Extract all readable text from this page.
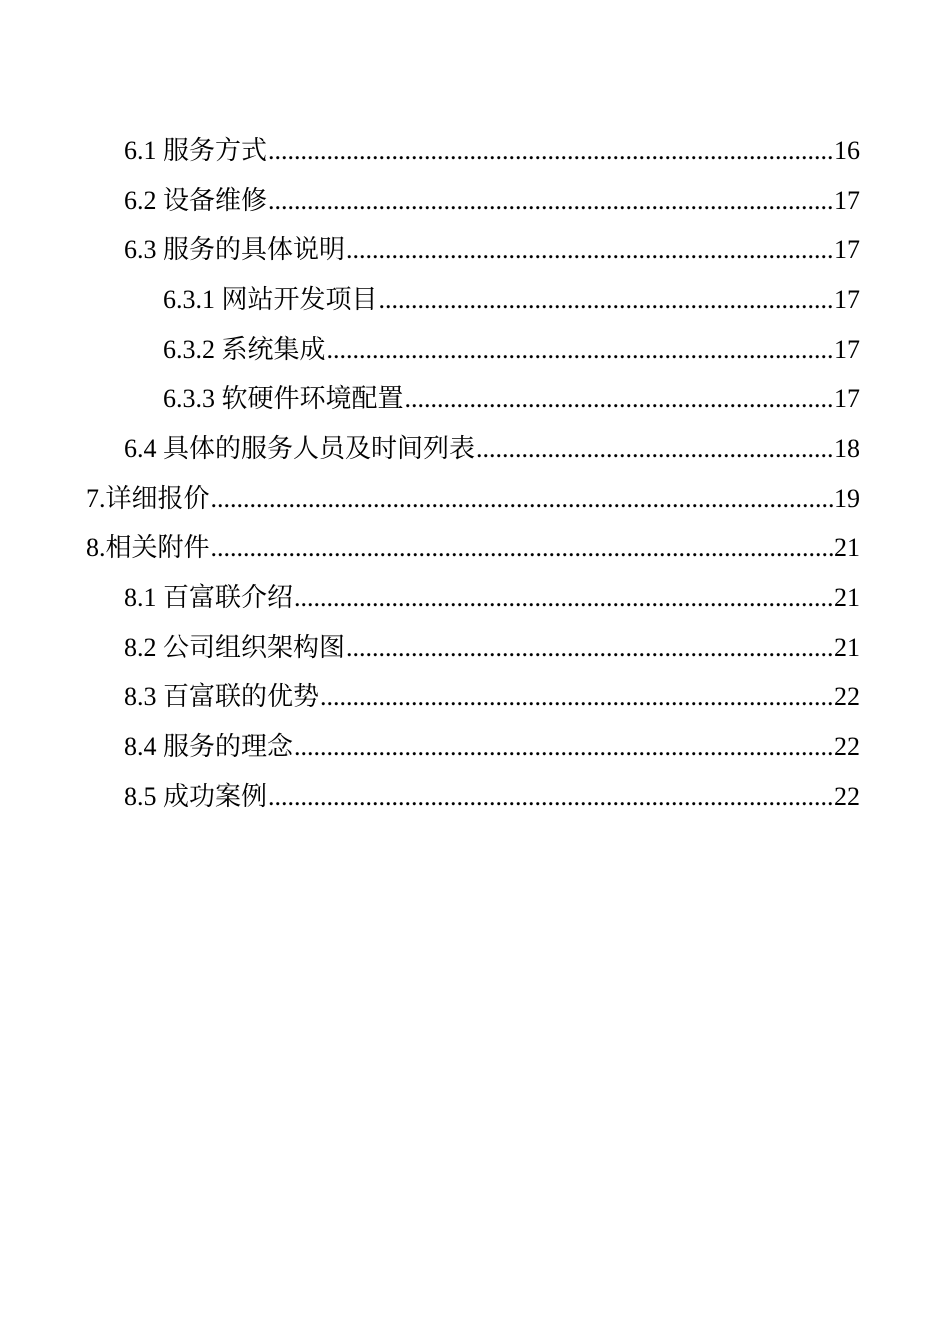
6.1 服务方式 .....	16
6.2 设备维修 .....	17
6.3 服务的具体说明 .....	17
6.3.1 网站开发项目 .....	17
6.3.2 系统集成 .....	17
6.3.3 软硬件环境配置 .....	17
6.4 具体的服务人员及时间列表 .....	18
7.详细报价 .....	19
8.相关附件 .....	21
8.1 百富联介绍 .....	21
8.2 公司组织架构图 .....	21
8.3 百富联的优势 .....	22
8.4 服务的理念 .....	22
8.5 成功案例 .....	22
